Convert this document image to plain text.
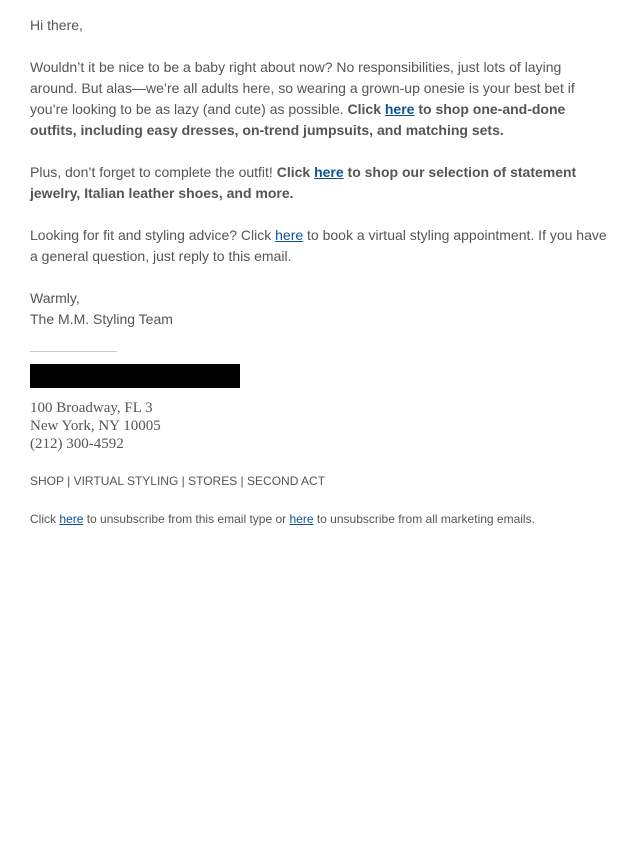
Hi there,

Wouldn’t it be nice to be a baby right about now? No responsibilities, just lots of laying around. But alas—we’re all adults here, so wearing a grown-up onesie is your best bet if you’re looking to be as lazy (and cute) as possible. Click here to shop one-and-done outfits, including easy dresses, on-trend jumpsuits, and matching sets.

Plus, don’t forget to complete the outfit! Click here to shop our selection of statement jewelry, Italian leather shoes, and more.

Looking for fit and styling advice? Click here to book a virtual styling appointment. If you have a general question, just reply to this email.

Warmly,
The M.M. Styling Team
100 Broadway, FL 3
New York, NY 10005
(212) 300-4592
SHOP | VIRTUAL STYLING | STORES | SECOND ACT
Click here to unsubscribe from this email type or here to unsubscribe from all marketing emails.
